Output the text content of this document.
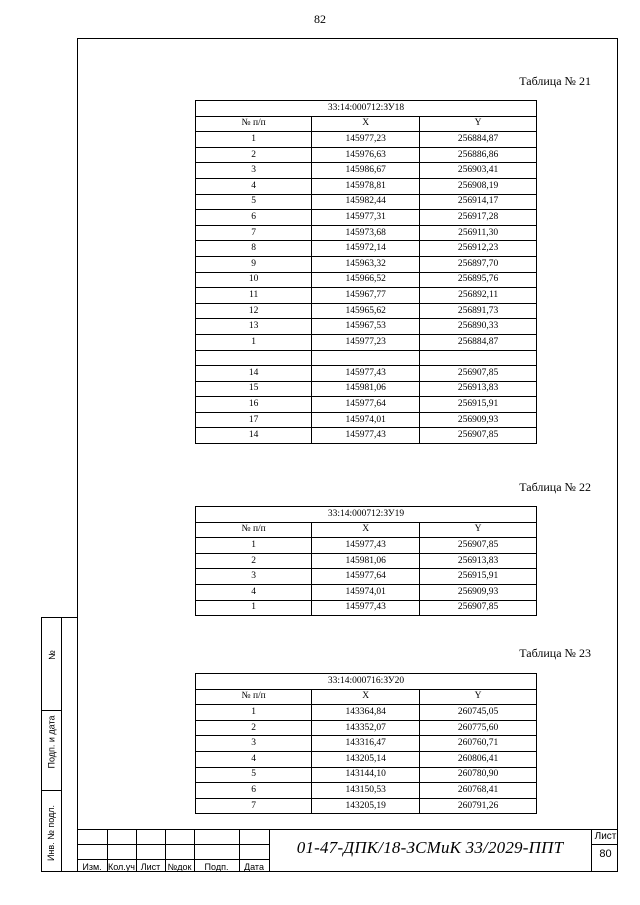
82
№
Подп. и дата
Инв. № подл.
Таблица № 21
33:14:000712:ЗУ18		
№ п/п	X	Y
1	145977,23	256884,87
2	145976,63	256886,86
3	145986,67	256903,41
4	145978,81	256908,19
5	145982,44	256914,17
6	145977,31	256917,28
7	145973,68	256911,30
8	145972,14	256912,23
9	145963,32	256897,70
10	145966,52	256895,76
11	145967,77	256892,11
12	145965,62	256891,73
13	145967,53	256890,33
1	145977,23	256884,87

14	145977,43	256907,85
15	145981,06	256913,83
16	145977,64	256915,91
17	145974,01	256909,93
14	145977,43	256907,85
Таблица № 22
33:14:000712:ЗУ19		
№ п/п	X	Y
1	145977,43	256907,85
2	145981,06	256913,83
3	145977,64	256915,91
4	145974,01	256909,93
1	145977,43	256907,85
Таблица № 23
33:14:000716:ЗУ20		
№ п/п	X	Y
1	143364,84	260745,05
2	143352,07	260775,60
3	143316,47	260760,71
4	143205,14	260806,41
5	143144,10	260780,90
6	143150,53	260768,41
7	143205,19	260791,26
Изм. Кол.уч Лист №док	Подп.	Дата
01-47-ДПК/18-ЗСМиК 33/2029-ППТ
Лист
80
